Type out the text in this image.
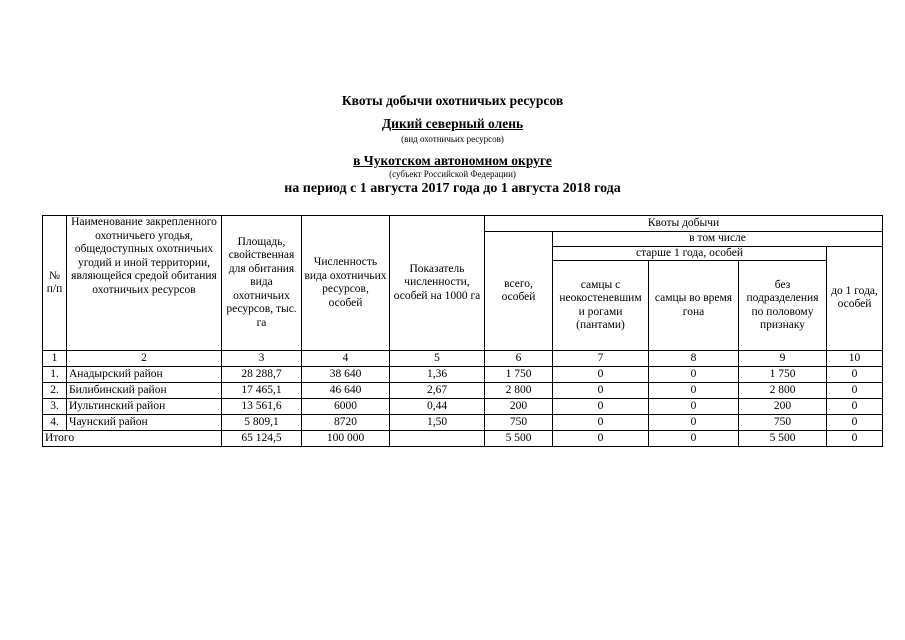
Квоты добычи охотничьих ресурсов
Дикий северный олень
(вид охотничьих ресурсов)
в Чукотском автономном округе
(субъект Российской Федерации)
на период с 1 августа 2017 года до 1 августа 2018 года
№ п/п	Наименование закрепленного охотничьего угодья, общедоступных охотничьих угодий и иной территории, являющейся средой обитания охотничьих ресурсов	Площадь, свойственная для обитания вида охотничьих ресурсов, тыс. га	Численность вида охотничьих ресурсов, особей	Показатель численности, особей на 1000 га	Квоты добычи				
					всего, особей	в том числе			
						старше 1 года, особей			до 1 года, особей
						самцы с неокостеневшим и рогами (пантами)	самцы во время гона	без подразделения по половому признаку	
1	2	3	4	5	6	7	8	9	10
1.	Анадырский район	28 288,7	38 640	1,36	1 750	0	0	1 750	0
2.	Билибинский район	17 465,1	46 640	2,67	2 800	0	0	2 800	0
3.	Иультинский район	13 561,6	6000	0,44	200	0	0	200	0
4.	Чаунский район	5 809,1	8720	1,50	750	0	0	750	0
Итого		65 124,5	100 000		5 500	0	0	5 500	0
